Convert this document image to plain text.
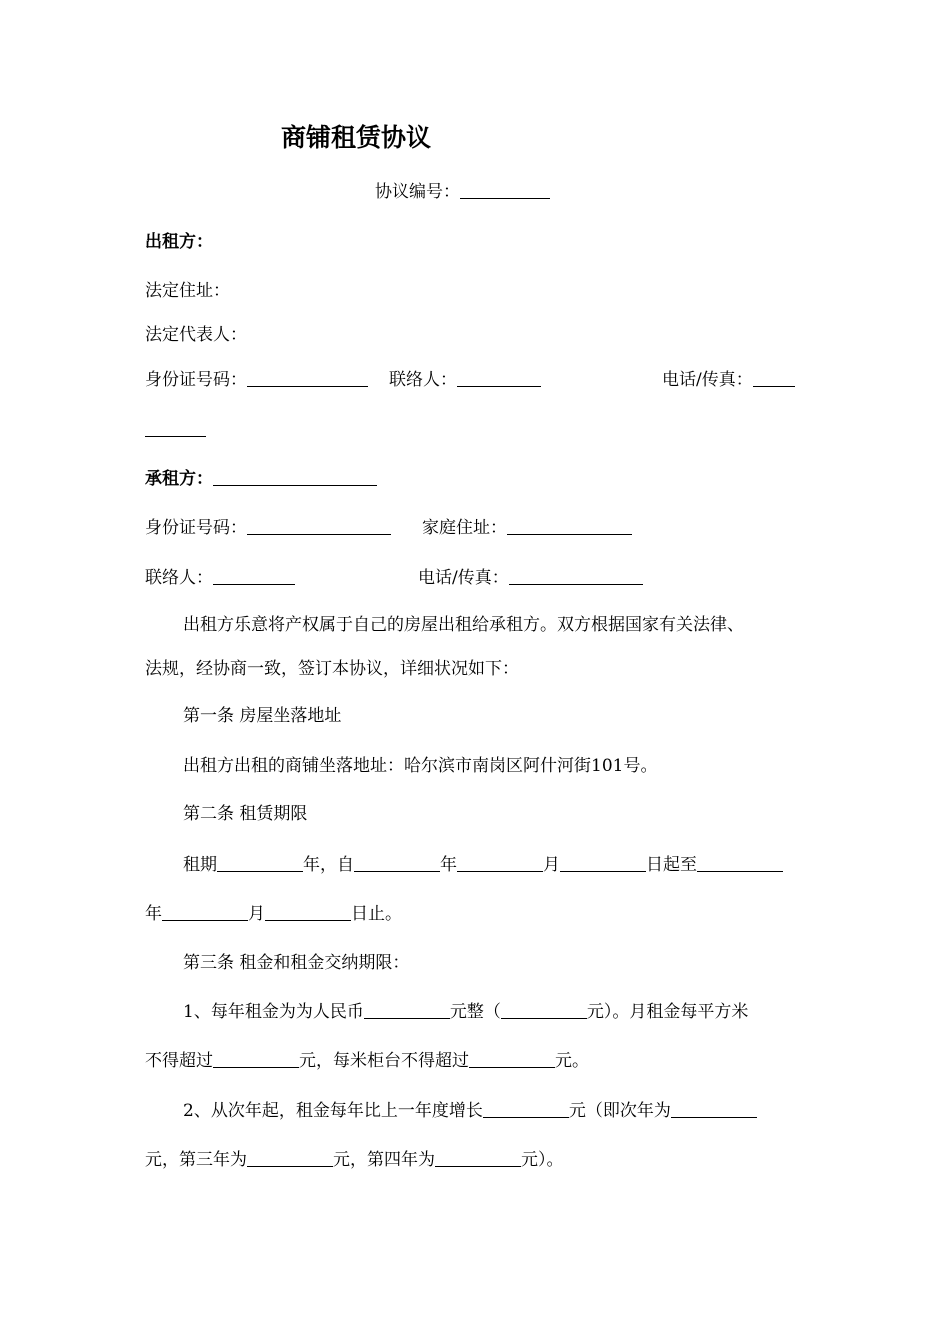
商铺租赁协议
协议编号：
出租方：
法定住址：
法定代表人：
身份证号码：	联络人：	电话/传真：
承租方：
身份证号码：	家庭住址：
联络人：	电话/传真：
出租方乐意将产权属于自己的房屋出租给承租方。双方根据国家有关法律、
法规，经协商一致，签订本协议，详细状况如下：
第一条 房屋坐落地址
出租方出租的商铺坐落地址：哈尔滨市南岗区阿什河街101号。
第二条 租赁期限
租期	年，自	年	月	日起至
年	月	日止。
第三条 租金和租金交纳期限：
1、每年租金为为人民币	元整（	元）。月租金每平方米
不得超过	元，每米柜台不得超过	元。
2、从次年起，租金每年比上一年度增长	元（即次年为
元，第三年为	元，第四年为	元）。
